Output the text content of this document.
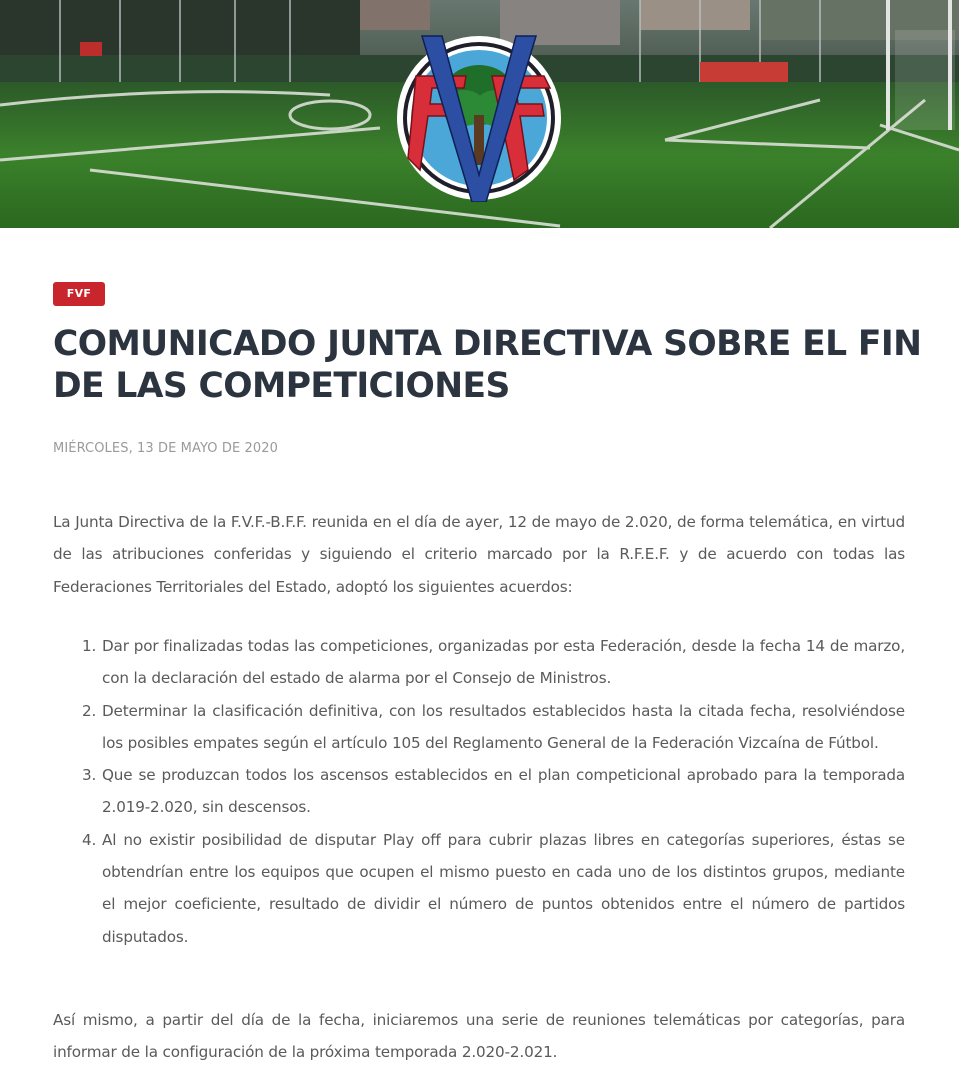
FVF
COMUNICADO JUNTA DIRECTIVA SOBRE EL FIN DE LAS COMPETICIONES
MIÉRCOLES, 13 DE MAYO DE 2020

La Junta Directiva de la F.V.F.-B.F.F. reunida en el día de ayer, 12 de mayo de 2.020, de forma telemática, en virtud de las atribuciones conferidas y siguiendo el criterio marcado por la R.F.E.F. y de acuerdo con todas las Federaciones Territoriales del Estado, adoptó los siguientes acuerdos:

1. Dar por finalizadas todas las competiciones, organizadas por esta Federación, desde la fecha 14 de marzo, con la declaración del estado de alarma por el Consejo de Ministros.
2. Determinar la clasificación definitiva, con los resultados establecidos hasta la citada fecha, resolviéndose los posibles empates según el artículo 105 del Reglamento General de la Federación Vizcaína de Fútbol.
3. Que se produzcan todos los ascensos establecidos en el plan competicional aprobado para la temporada 2.019-2.020, sin descensos.
4. Al no existir posibilidad de disputar Play off para cubrir plazas libres en categorías superiores, éstas se obtendrían entre los equipos que ocupen el mismo puesto en cada uno de los distintos grupos, mediante el mejor coeficiente, resultado de dividir el número de puntos obtenidos entre el número de partidos disputados.

Así mismo, a partir del día de la fecha, iniciaremos una serie de reuniones telemáticas por categorías, para informar de la configuración de la próxima temporada 2.020-2.021.
